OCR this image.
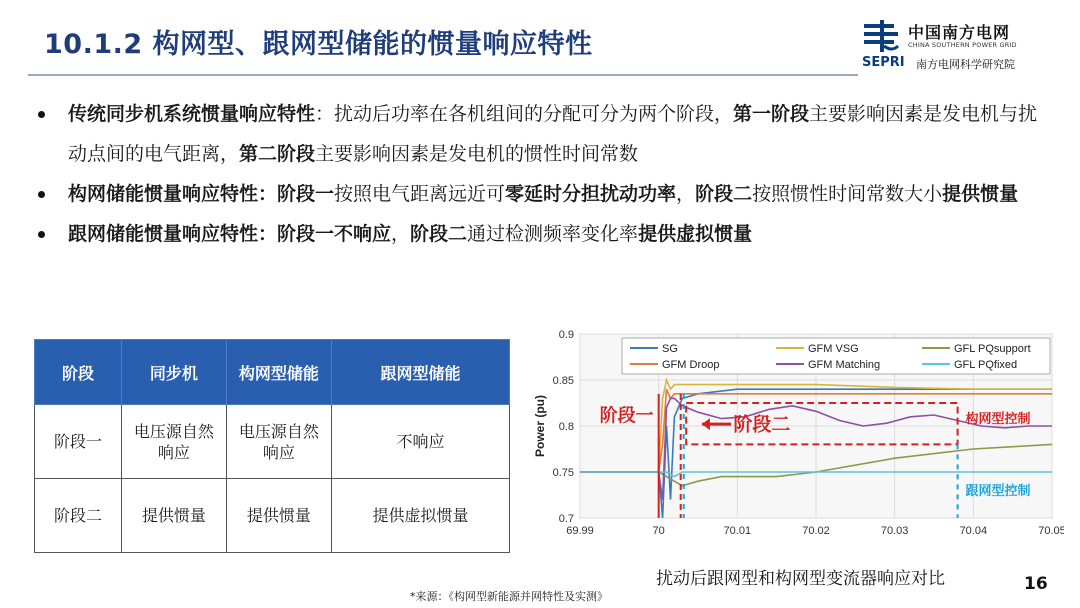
10.1.2 构网型、跟网型储能的惯量响应特性	中国南方电网
CHINA SOUTHERN POWER GRID
SEPRI 南方电网科学研究院
传统同步机系统惯量响应特性：扰动后功率在各机组间的分配可分为两个阶段，第一阶段主要影响因素是发电机与扰动点间的电气距离，第二阶段主要影响因素是发电机的惯性时间常数
构网储能惯量响应特性：阶段一按照电气距离远近可零延时分担扰动功率，阶段二按照惯性时间常数大小提供惯量
跟网储能惯量响应特性：阶段一不响应，阶段二通过检测频率变化率提供虚拟惯量
阶段	同步机	构网型储能	跟网型储能
阶段一	电压源自然响应	电压源自然响应	不响应
阶段二	提供惯量	提供惯量	提供虚拟惯量
69.99	70	70.01	70.02	70.03	70.04	70.05
0.7
0.75
0.8
0.85
0.9
Power (pu)	阶段一	阶段二	构网型控制
跟网型控制
SG	GFM VSG	GFL PQsupport
GFM Droop	GFM Matching	GFL PQfixed
扰动后跟网型和构网型变流器响应对比	16
*来源：《构网型新能源并网特性及实测》
